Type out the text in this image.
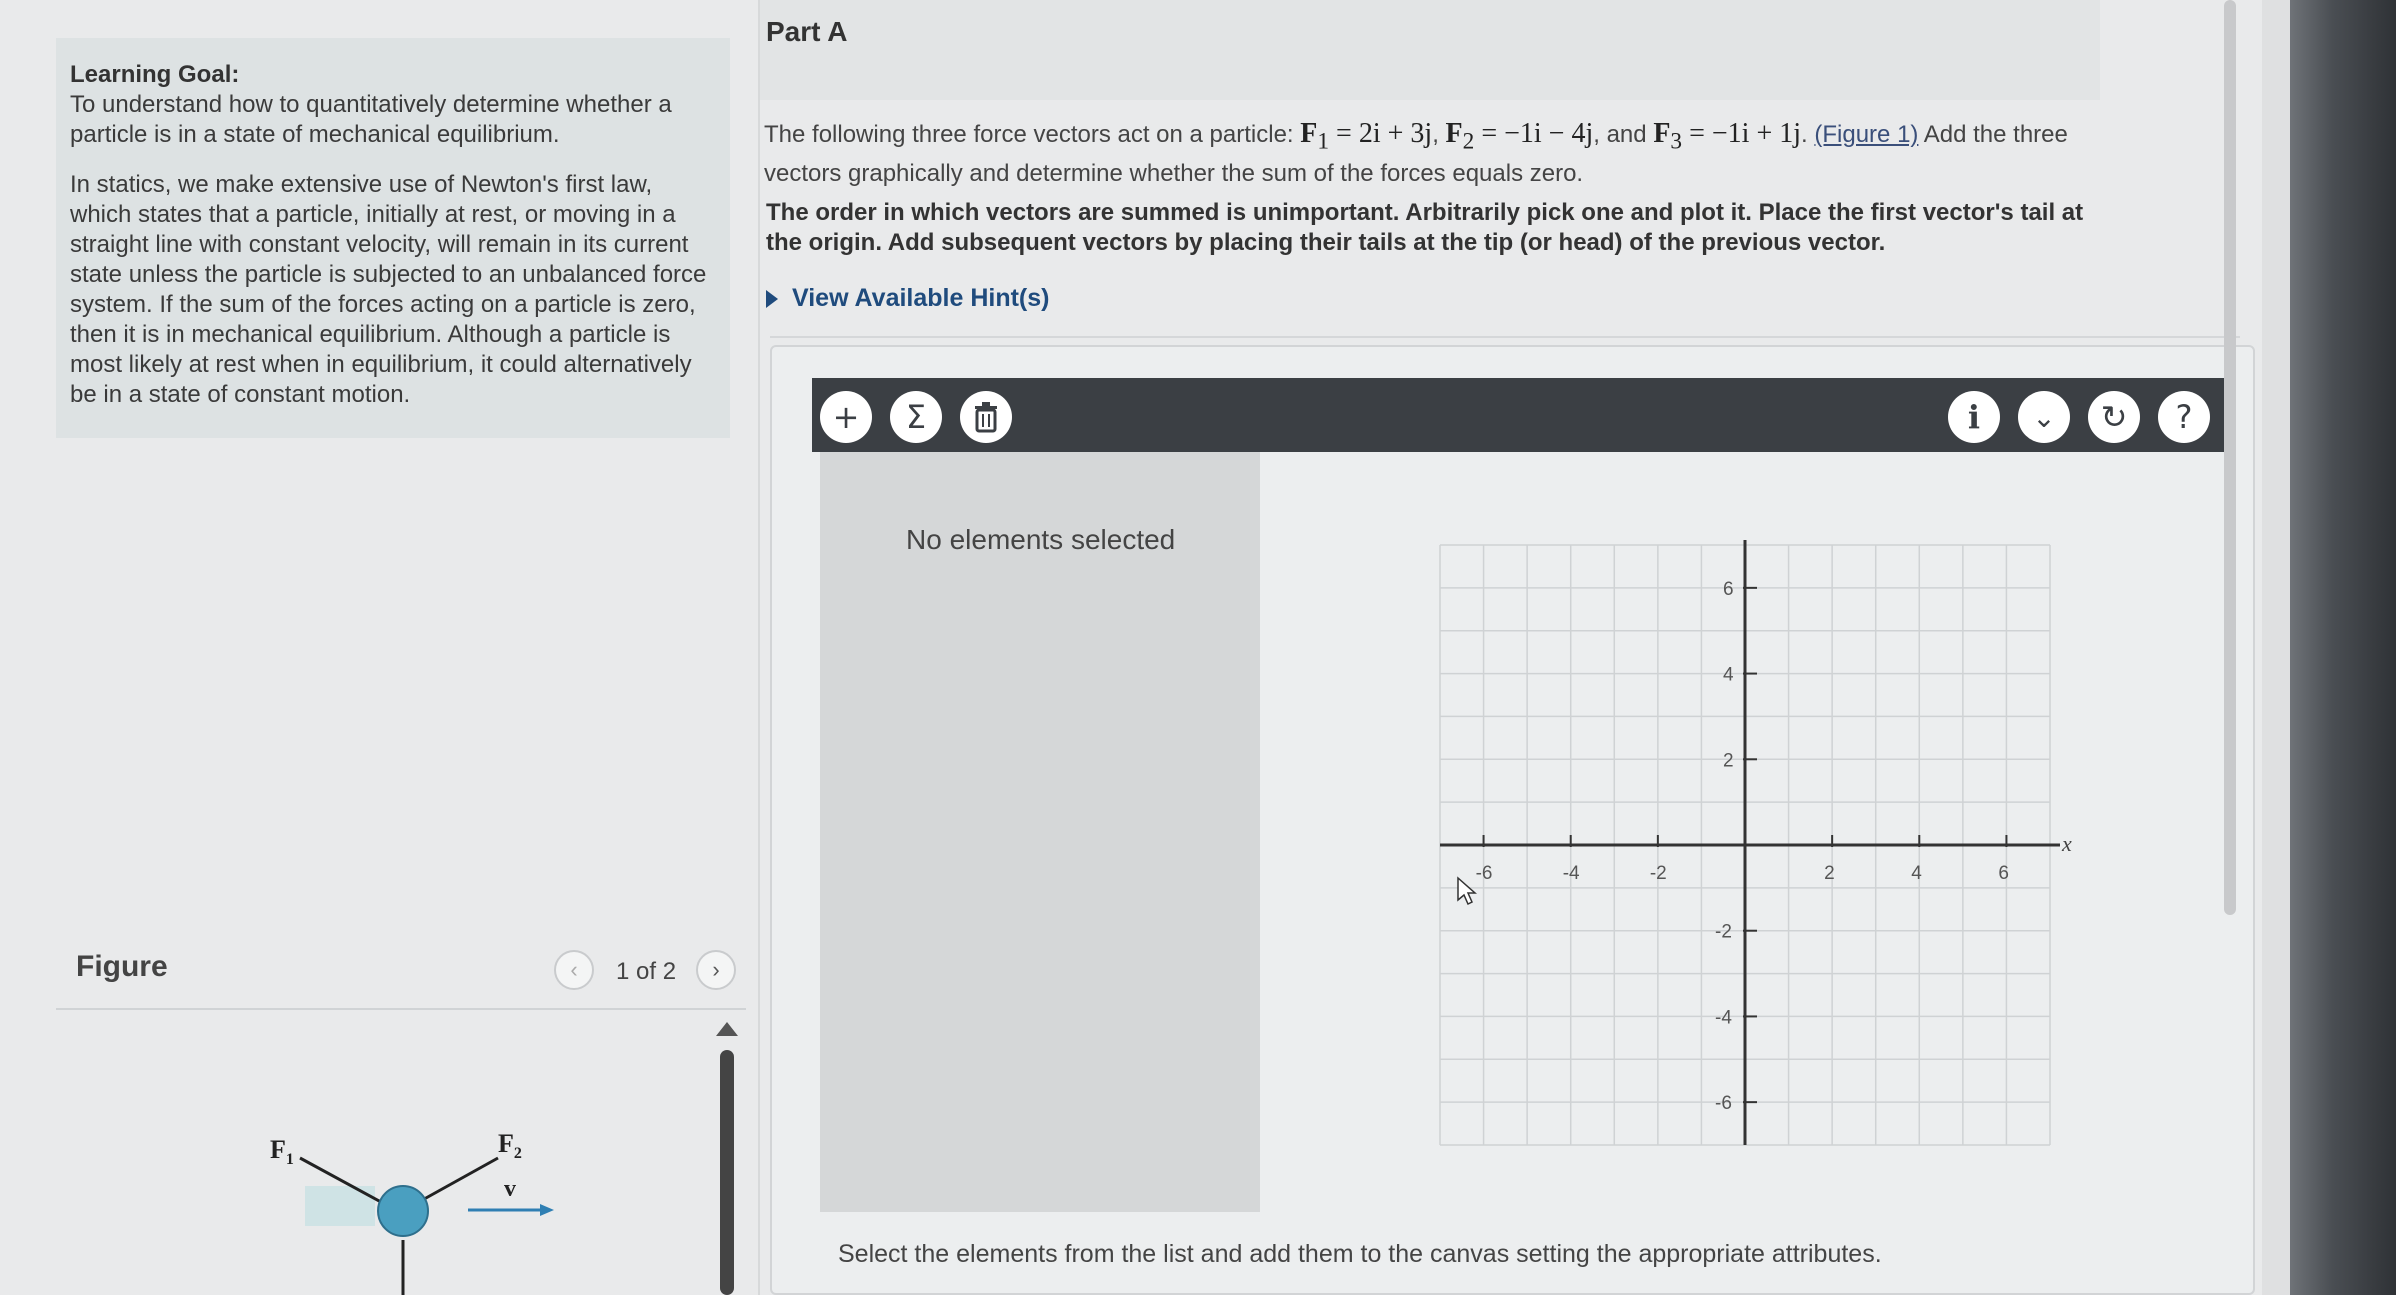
Learning Goal:

To understand how to quantitatively determine whether a particle is in a state of mechanical equilibrium.

In statics, we make extensive use of Newton's first law, which states that a particle, initially at rest, or moving in a straight line with constant velocity, will remain in its current state unless the particle is subjected to an unbalanced force system. If the sum of the forces acting on a particle is zero, then it is in mechanical equilibrium. Although a particle is most likely at rest when in equilibrium, it could alternatively be in a state of constant motion.

Figure	‹ 1 of 2 ›
$F_1$
$F_2$
v
Part A
The following three force vectors act on a particle: $F_1 = 2i + 3j$, $F_2 = -1i - 4j$, and $F_3 = -1i + 1j$. (Figure 1) Add the three vectors graphically and determine whether the sum of the forces equals zero.
The order in which vectors are summed is unimportant. Arbitrarily pick one and plot it. Place the first vector's tail at the origin. Add subsequent vectors by placing their tails at the tip (or head) of the previous vector.
View Available Hint(s)
+ Σ	i ⌄ ↻ ?
No elements selected
-6	-4	-2	2	4	6
6
4
2
-2
-4
-6
x
Select the elements from the list and add them to the canvas setting the appropriate attributes.
